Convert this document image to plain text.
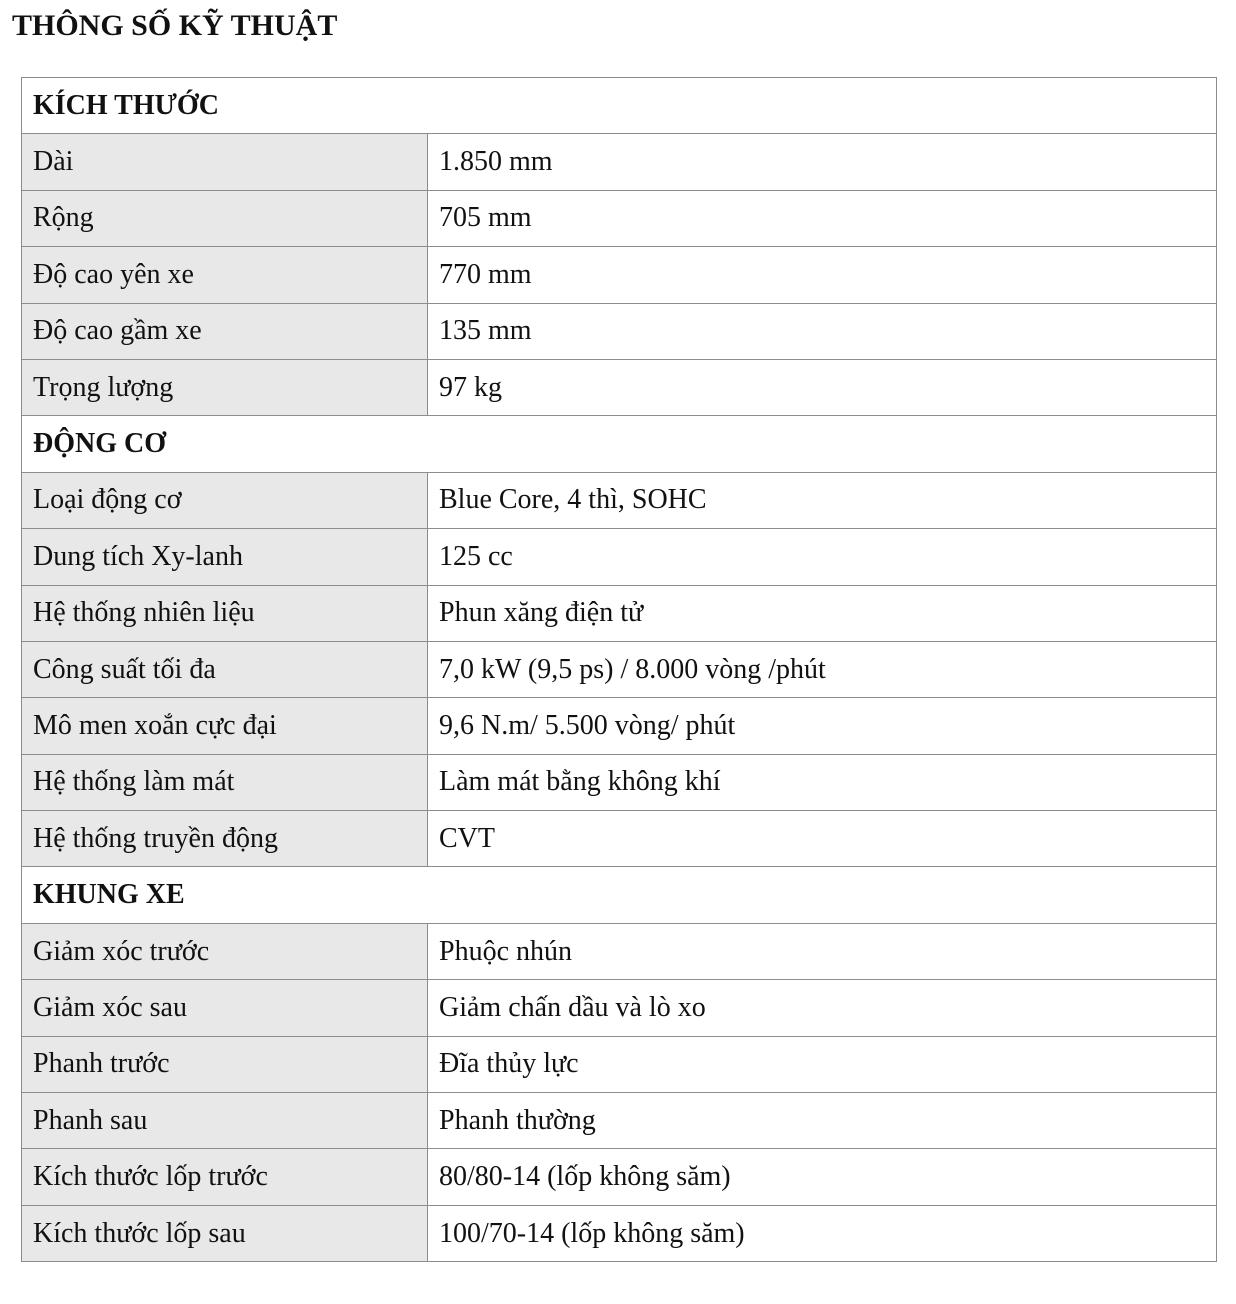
THÔNG SỐ KỸ THUẬT
KÍCH THƯỚC	
Dài	1.850 mm
Rộng	705 mm
Độ cao yên xe	770 mm
Độ cao gầm xe	135 mm
Trọng lượng	97 kg
ĐỘNG CƠ	
Loại động cơ	Blue Core, 4 thì, SOHC
Dung tích Xy-lanh	125 cc
Hệ thống nhiên liệu	Phun xăng điện tử
Công suất tối đa	7,0 kW (9,5 ps) / 8.000 vòng /phút
Mô men xoắn cực đại	9,6 N.m/ 5.500 vòng/ phút
Hệ thống làm mát	Làm mát bằng không khí
Hệ thống truyền động	CVT
KHUNG XE	
Giảm xóc trước	Phuộc nhún
Giảm xóc sau	Giảm chấn dầu và lò xo
Phanh trước	Đĩa thủy lực
Phanh sau	Phanh thường
Kích thước lốp trước	80/80-14 (lốp không săm)
Kích thước lốp sau	100/70-14 (lốp không săm)
